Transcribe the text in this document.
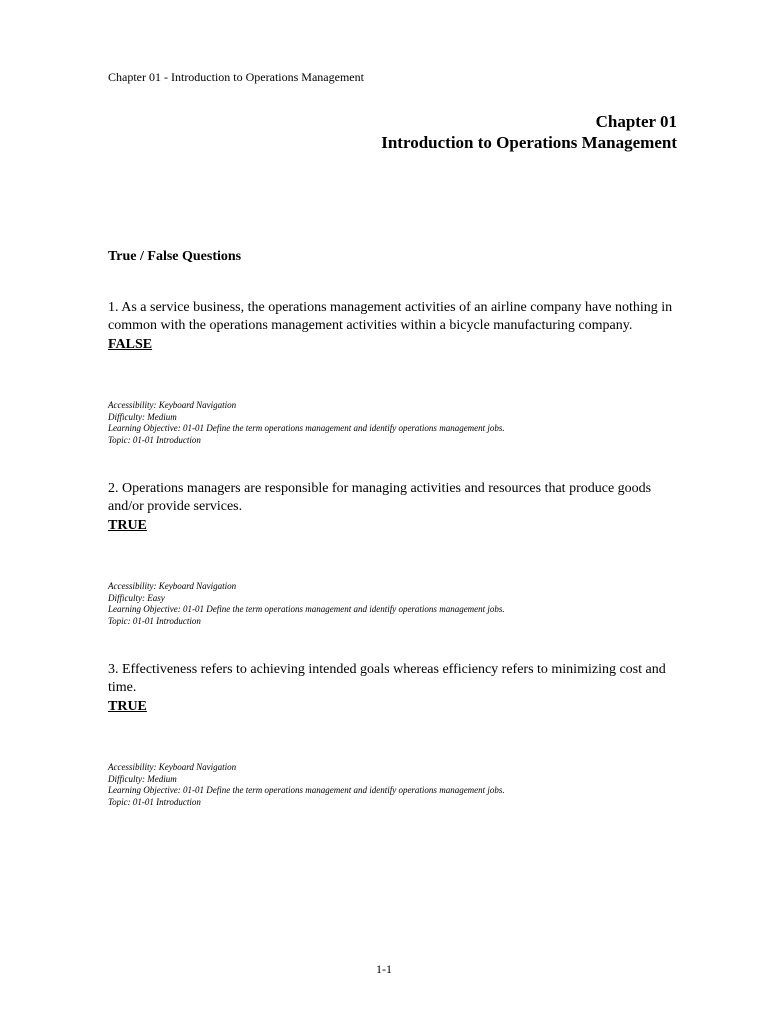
Chapter 01 - Introduction to Operations Management
Chapter 01
Introduction to Operations Management
True / False Questions
1. As a service business, the operations management activities of an airline company have nothing in common with the operations management activities within a bicycle manufacturing company.
FALSE
Accessibility: Keyboard Navigation
Difficulty: Medium
Learning Objective: 01-01 Define the term operations management and identify operations management jobs.
Topic: 01-01 Introduction
2. Operations managers are responsible for managing activities and resources that produce goods and/or provide services.
TRUE
Accessibility: Keyboard Navigation
Difficulty: Easy
Learning Objective: 01-01 Define the term operations management and identify operations management jobs.
Topic: 01-01 Introduction
3. Effectiveness refers to achieving intended goals whereas efficiency refers to minimizing cost and time.
TRUE
Accessibility: Keyboard Navigation
Difficulty: Medium
Learning Objective: 01-01 Define the term operations management and identify operations management jobs.
Topic: 01-01 Introduction
1-1
